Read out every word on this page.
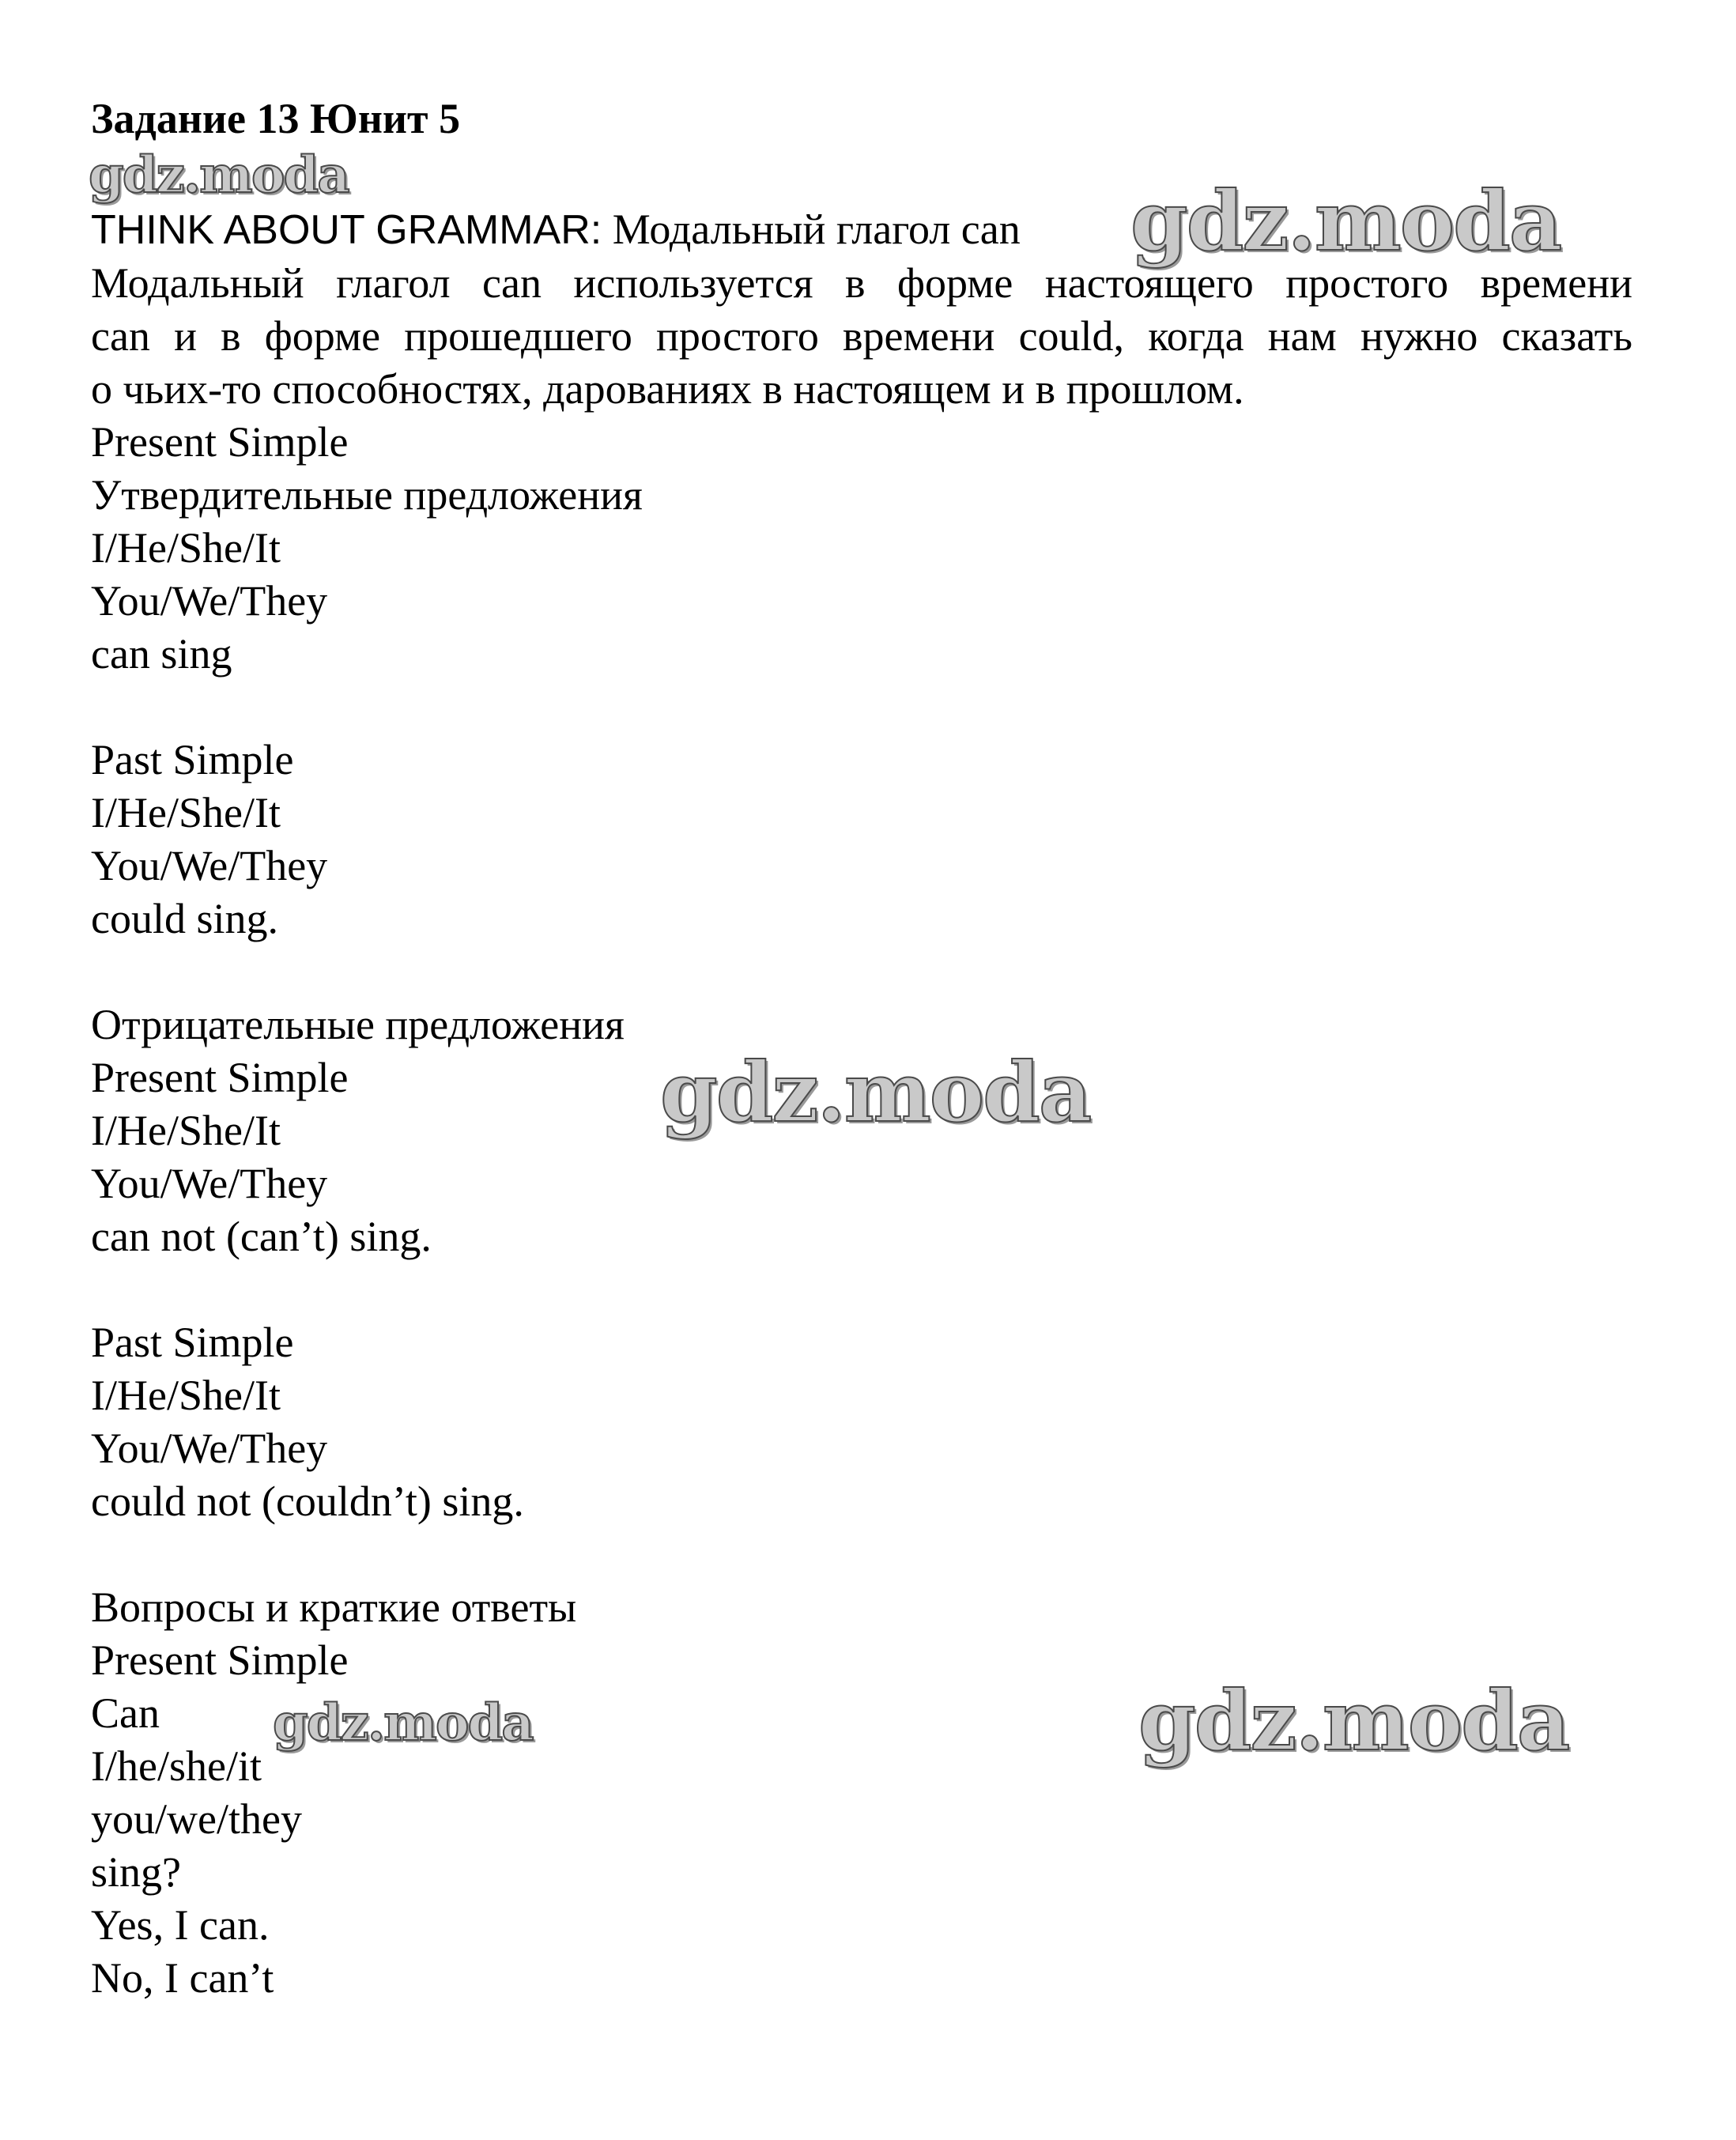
Задание 13 Юнит 5
gdz.moda
THINK ABOUT GRAMMAR: Модальный глагол can gdz.moda
Модальный глагол can используется в форме настоящего простого времени
can и в форме прошедшего простого времени could, когда нам нужно сказать
о чьих-то способностях, дарованиях в настоящем и в прошлом.
Present Simple
Утвердительные предложения
I/He/She/It
You/We/They
can sing
Past Simple
I/He/She/It
You/We/They
could sing.
Отрицательные предложения
Present Simple	gdz.moda
I/He/She/It
You/We/They
can not (can’t) sing.
Past Simple
I/He/She/It
You/We/They
could not (couldn’t) sing.
Вопросы и краткие ответы
Present Simple
Can gdz.moda
I/he/she/it	gdz.moda
you/we/they
sing?
Yes, I can.
No, I can’t
